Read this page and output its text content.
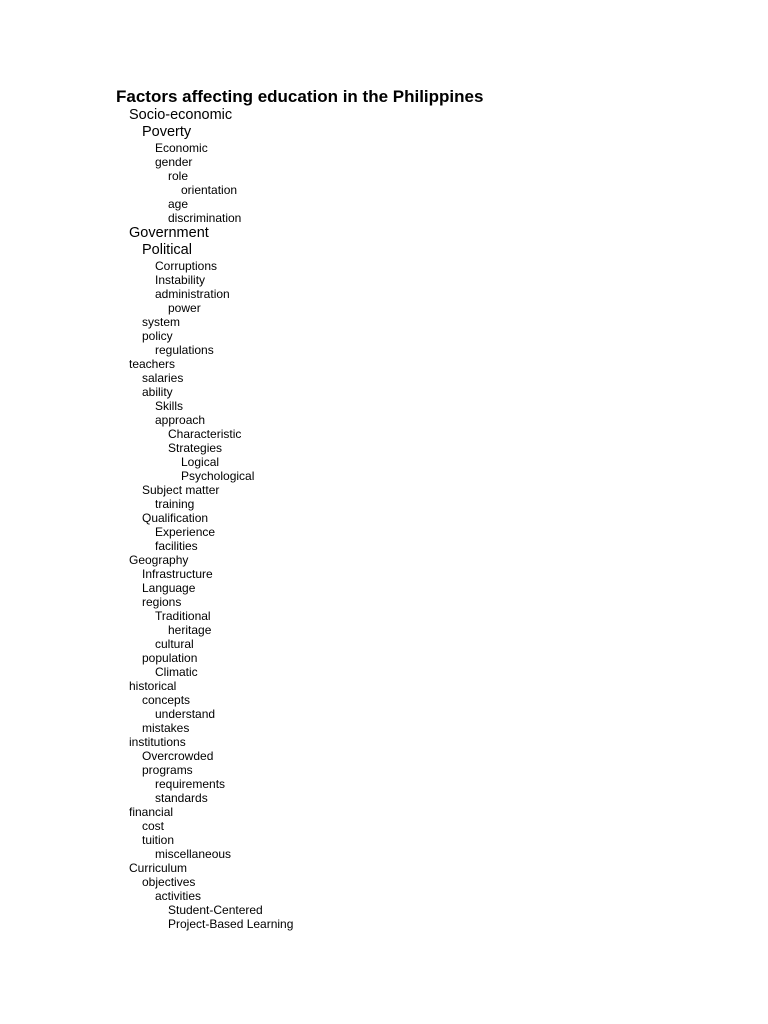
Factors affecting education in the Philippines
Socio-economic
Poverty
Economic
gender
role
orientation
age
discrimination
Government
Political
Corruptions
Instability
administration
power
system
policy
regulations
teachers
salaries
ability
Skills
approach
Characteristic
Strategies
Logical
Psychological
Subject matter
training
Qualification
Experience
facilities
Geography
Infrastructure
Language
regions
Traditional
heritage
cultural
population
Climatic
historical
concepts
understand
mistakes
institutions
Overcrowded
programs
requirements
standards
financial
cost
tuition
miscellaneous
Curriculum
objectives
activities
Student-Centered
Project-Based Learning
